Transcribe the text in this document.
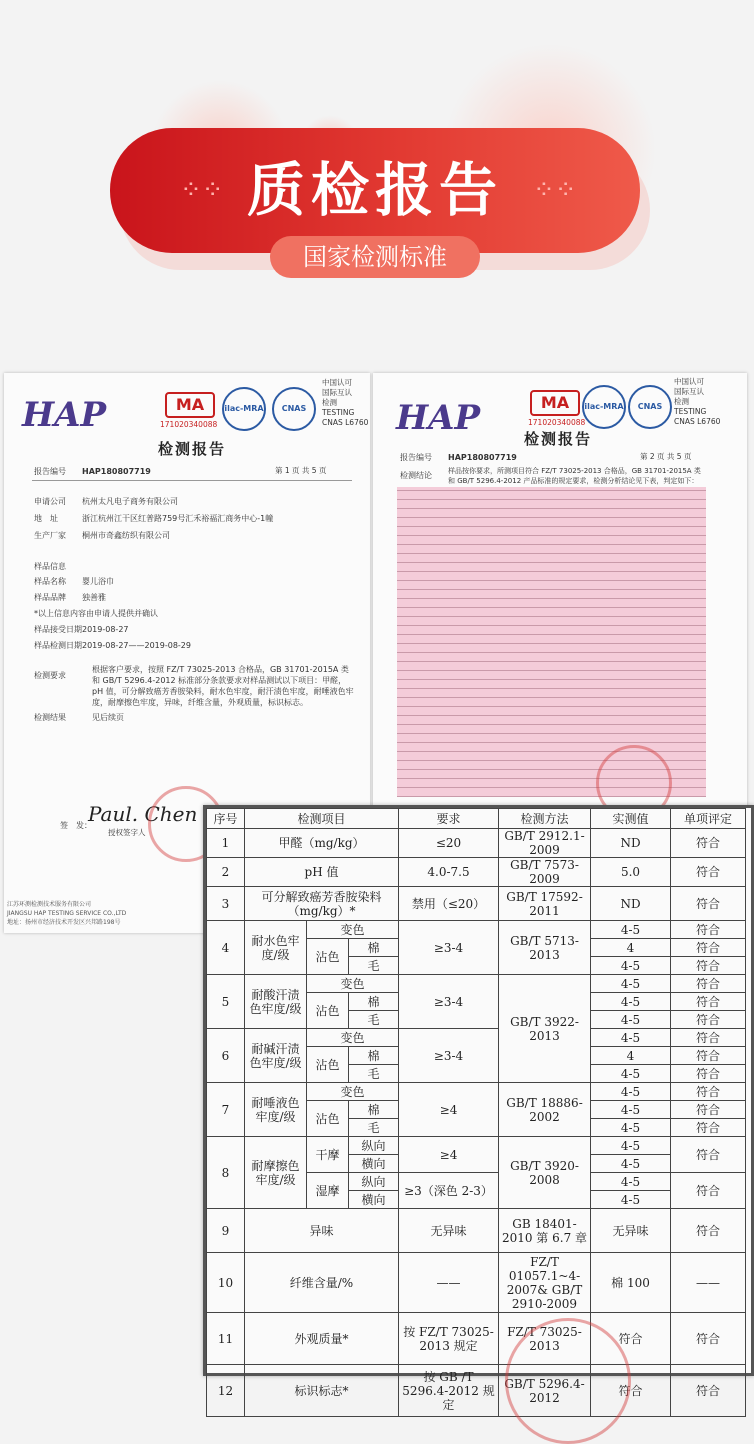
⁘⁘	⁘⁘
质检报告
国家检测标准
HAP	MA
171020340088
ilac-MRA	CNAS
中国认可
国际互认
检测
TESTING
CNAS L6760
检测报告
报告编号 HAP180807719	第 1 页 共 5 页
申请公司 杭州太凡电子商务有限公司
地　址	浙江杭州江干区红普路759号汇禾裕福汇商务中心-1幢
生产厂家 桐州市奇鑫纺织有限公司
样品信息
样品名称 婴儿浴巾
样品品牌 独善雅
*以上信息内容由申请人提供并确认
样品接受日期2019-08-27
样品检测日期2019-08-27——2019-08-29
检测要求
根据客户要求，按照 FZ/T 73025-2013 合格品，GB 31701-2015A 类和 GB/T 5296.4-2012 标准部分条款要求对样品测试以下项目：甲醛，pH 值，可分解致癌芳香胺染料，耐水色牢度，耐汗渍色牢度，耐唾液色牢度，耐摩擦色牢度，异味，纤维含量，外观质量，标识标志。
检测结果	见后续页
Paul. Chen
签　发：
授权签字人
江苏环测检测技术服务有限公司
JIANGSU HAP TESTING SERVICE CO.,LTD
地址：扬州市经济技术开发区兴邦路198号
HAP	MA
171020340088
ilac-MRA	CNAS
中国认可
国际互认
检测
TESTING
CNAS L6760
检测报告
报告编号 HAP180807719	第 2 页 共 5 页
检测结论 样品按你要求，所测项目符合 FZ/T 73025-2013 合格品，GB 31701-2015A 类和 GB/T 5296.4-2012 产品标准的规定要求，检测分析结论见下表，判定如下：
序号	检测项目			要求	检测方法	实测值	单项评定
1	甲醛（mg/kg）			≤20	GB/T 2912.1-2009	ND	符合
2	pH 值			4.0-7.5	GB/T 7573-2009	5.0	符合
3	可分解致癌芳香胺染料（mg/kg）*			禁用（≤20）	GB/T 17592-2011	ND	符合
4	耐水色牢度/级	变色		≥3-4	GB/T 5713-2013	4-5	符合
		沾色	棉			4	符合
			毛			4-5	符合
5	耐酸汗渍色牢度/级	变色		≥3-4	GB/T 3922-2013	4-5	符合
		沾色	棉			4-5	符合
			毛			4-5	符合
6	耐碱汗渍色牢度/级	变色		≥3-4		4-5	符合
		沾色	棉			4	符合
			毛			4-5	符合
7	耐唾液色牢度/级	变色		≥4	GB/T 18886-2002	4-5	符合
		沾色	棉			4-5	符合
			毛			4-5	符合
8	耐摩擦色牢度/级	干摩	纵向	≥4	GB/T 3920-2008	4-5	符合
			横向			4-5	
		湿摩	纵向	≥3（深色 2-3）		4-5	符合
			横向			4-5	
9	异味			无异味	GB 18401-2010 第 6.7 章	无异味	符合
10	纤维含量/%			——	FZ/T 01057.1~4-2007& GB/T 2910-2009	棉 100	——
11	外观质量*			按 FZ/T 73025-2013 规定	FZ/T 73025-2013	符合	符合
12	标识标志*			按 GB /T 5296.4-2012 规定	GB/T 5296.4-2012	符合	符合
